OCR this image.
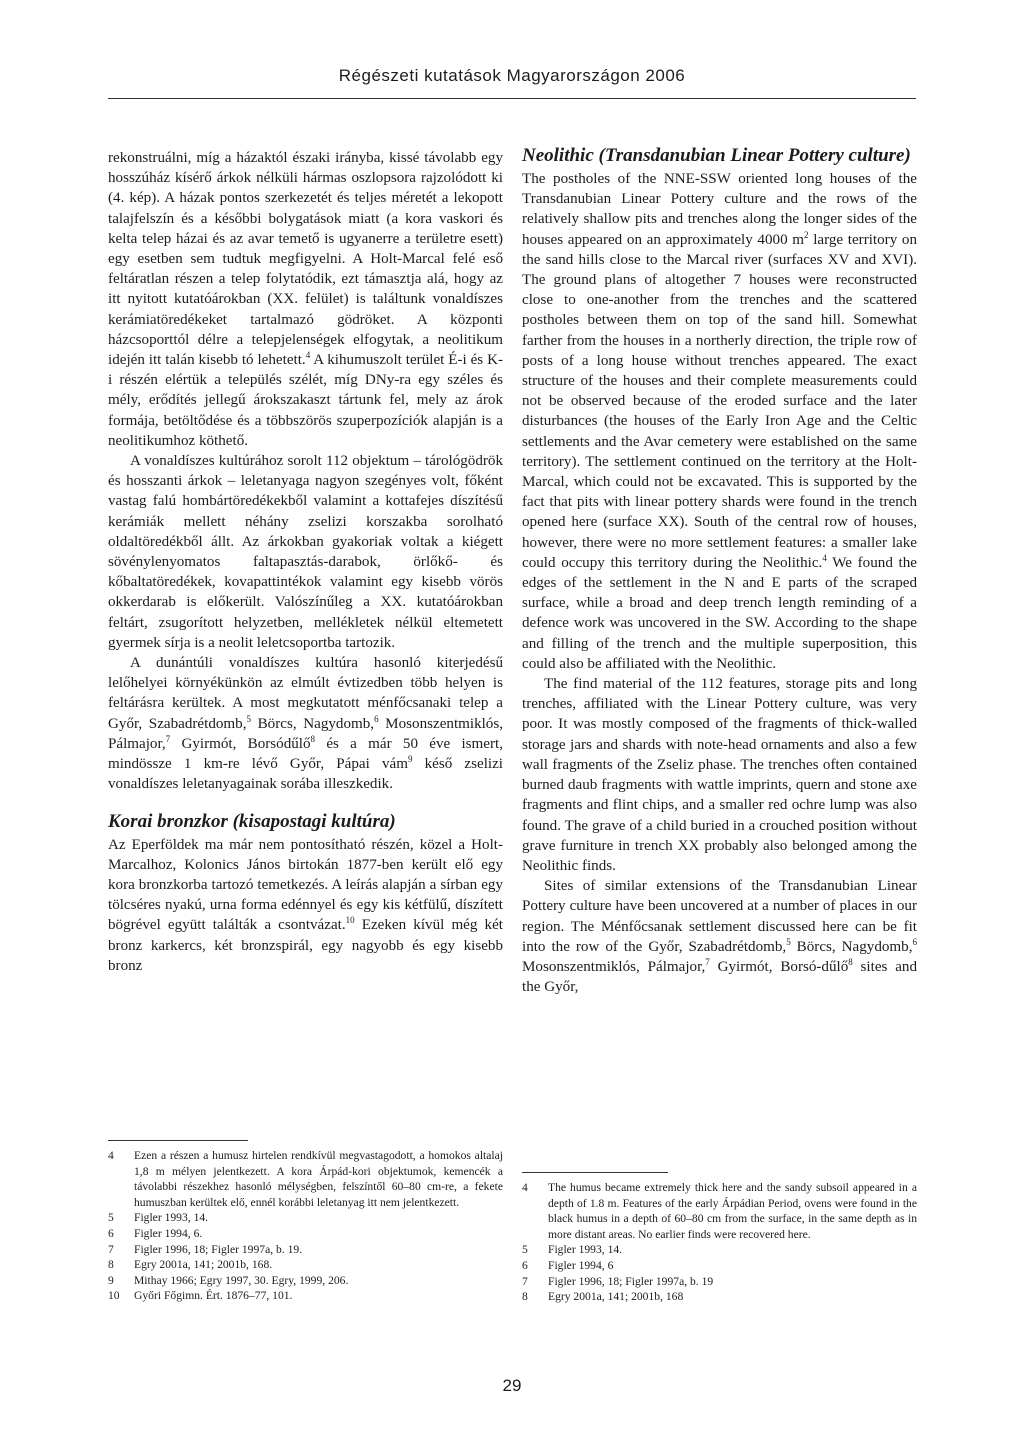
Régészeti kutatások Magyarországon 2006

rekonstruálni, míg a házaktól északi irányba, kissé távolabb egy hosszúház kísérő árkok nélküli hármas oszlopsora rajzolódott ki (4. kép). A házak pontos szerkezetét és teljes méretét a lekopott talajfelszín és a későbbi bolygatások miatt (a kora vaskori és kelta telep házai és az avar temető is ugyanerre a területre esett) egy esetben sem tudtuk megfigyelni. A Holt-Marcal felé eső feltáratlan részen a telep folytatódik, ezt támasztja alá, hogy az itt nyitott kutatóárokban (XX. felület) is találtunk vonaldíszes kerámiatöredékeket tartalmazó gödröket. A központi házcsoporttól délre a telepjelenségek elfogytak, a neolitikum idején itt talán kisebb tó lehetett.$^4$ A kihumuszolt terület É-i és K-i részén elértük a település szélét, míg DNy-ra egy széles és mély, erődítés jellegű árokszakaszt tártunk fel, mely az árok formája, betöltődése és a többszörös szuperpozíciók alapján is a neolitikumhoz köthető.

A vonaldíszes kultúrához sorolt 112 objektum – tárológödrök és hosszanti árkok – leletanyaga nagyon szegényes volt, főként vastag falú hombártöredékekből valamint a kottafejes díszítésű kerámiák mellett néhány zselizi korszakba sorolható oldaltöredékből állt. Az árkokban gyakoriak voltak a kiégett sövénylenyomatos faltapasztás-darabok, örlőkő- és kőbaltatöredékek, kovapattintékok valamint egy kisebb vörös okkerdarab is előkerült. Valószínűleg a XX. kutatóárokban feltárt, zsugorított helyzetben, mellékletek nélkül eltemetett gyermek sírja is a neolit leletcsoportba tartozik.

A dunántúli vonaldíszes kultúra hasonló kiterjedésű lelőhelyei környékünkön az elmúlt évtizedben több helyen is feltárásra kerültek. A most megkutatott ménfőcsanaki telep a Győr, Szabadrétdomb,$^5$ Börcs, Nagydomb,$^6$ Mosonszentmiklós, Pálmajor,$^7$ Gyirmót, Borsódűlő$^8$ és a már 50 éve ismert, mindössze 1 km-re lévő Győr, Pápai vám$^9$ késő zselizi vonaldíszes leletanyagainak sorába illeszkedik.

Korai bronzkor (kisapostagi kultúra)

Az Eperföldek ma már nem pontosítható részén, közel a Holt-Marcalhoz, Kolonics János birtokán 1877-ben került elő egy kora bronzkorba tartozó temetkezés. A leírás alapján a sírban egy tölcséres nyakú, urna forma edénnyel és egy kis kétfülű, díszített bögrével együtt találták a csontvázat.$^{10}$ Ezeken kívül még két bronz karkercs, két bronzspirál, egy nagyobb és egy kisebb bronz

Neolithic (Transdanubian Linear Pottery culture)

The postholes of the NNE-SSW oriented long houses of the Transdanubian Linear Pottery culture and the rows of the relatively shallow pits and trenches along the longer sides of the houses appeared on an approximately 4000 $m^2$ large territory on the sand hills close to the Marcal river (surfaces XV and XVI). The ground plans of altogether 7 houses were reconstructed close to one-another from the trenches and the scattered postholes between them on top of the sand hill. Somewhat farther from the houses in a northerly direction, the triple row of posts of a long house without trenches appeared. The exact structure of the houses and their complete measurements could not be observed because of the eroded surface and the later disturbances (the houses of the Early Iron Age and the Celtic settlements and the Avar cemetery were established on the same territory). The settlement continued on the territory at the Holt-Marcal, which could not be excavated. This is supported by the fact that pits with linear pottery shards were found in the trench opened here (surface XX). South of the central row of houses, however, there were no more settlement features: a smaller lake could occupy this territory during the Neolithic.$^4$ We found the edges of the settlement in the N and E parts of the scraped surface, while a broad and deep trench length reminding of a defence work was uncovered in the SW. According to the shape and filling of the trench and the multiple superposition, this could also be affiliated with the Neolithic.

The find material of the 112 features, storage pits and long trenches, affiliated with the Linear Pottery culture, was very poor. It was mostly composed of the fragments of thick-walled storage jars and shards with note-head ornaments and also a few wall fragments of the Zseliz phase. The trenches often contained burned daub fragments with wattle imprints, quern and stone axe fragments and flint chips, and a smaller red ochre lump was also found. The grave of a child buried in a crouched position without grave furniture in trench XX probably also belonged among the Neolithic finds.

Sites of similar extensions of the Transdanubian Linear Pottery culture have been uncovered at a number of places in our region. The Ménfőcsanak settlement discussed here can be fit into the row of the Győr, Szabadrétdomb,$^5$ Börcs, Nagydomb,$^6$ Mosonszentmiklós, Pálmajor,$^7$ Gyirmót, Borsó-dűlő$^8$ sites and the Győr,

4	Ezen a részen a humusz hirtelen rendkívül megvastagodott, a homokos altalaj 1,8 m mélyen jelentkezett. A kora Árpád-kori objektumok, kemencék a távolabbi részekhez hasonló mélységben, felszíntől 60–80 cm-re, a fekete humuszban kerültek elő, ennél korábbi leletanyag itt nem jelentkezett.
5	Figler 1993, 14.
6	Figler 1994, 6.
7	Figler 1996, 18; Figler 1997a, b. 19.
8	Egry 2001a, 141; 2001b, 168.
9	Mithay 1966; Egry 1997, 30. Egry, 1999, 206.
10	Győri Főgimn. Ért. 1876–77, 101.
4	The humus became extremely thick here and the sandy subsoil appeared in a depth of 1.8 m. Features of the early Árpádian Period, ovens were found in the black humus in a depth of 60–80 cm from the surface, in the same depth as in more distant areas. No earlier finds were recovered here.
5	Figler 1993, 14.
6	Figler 1994, 6
7	Figler 1996, 18; Figler 1997a, b. 19
8	Egry 2001a, 141; 2001b, 168
29
